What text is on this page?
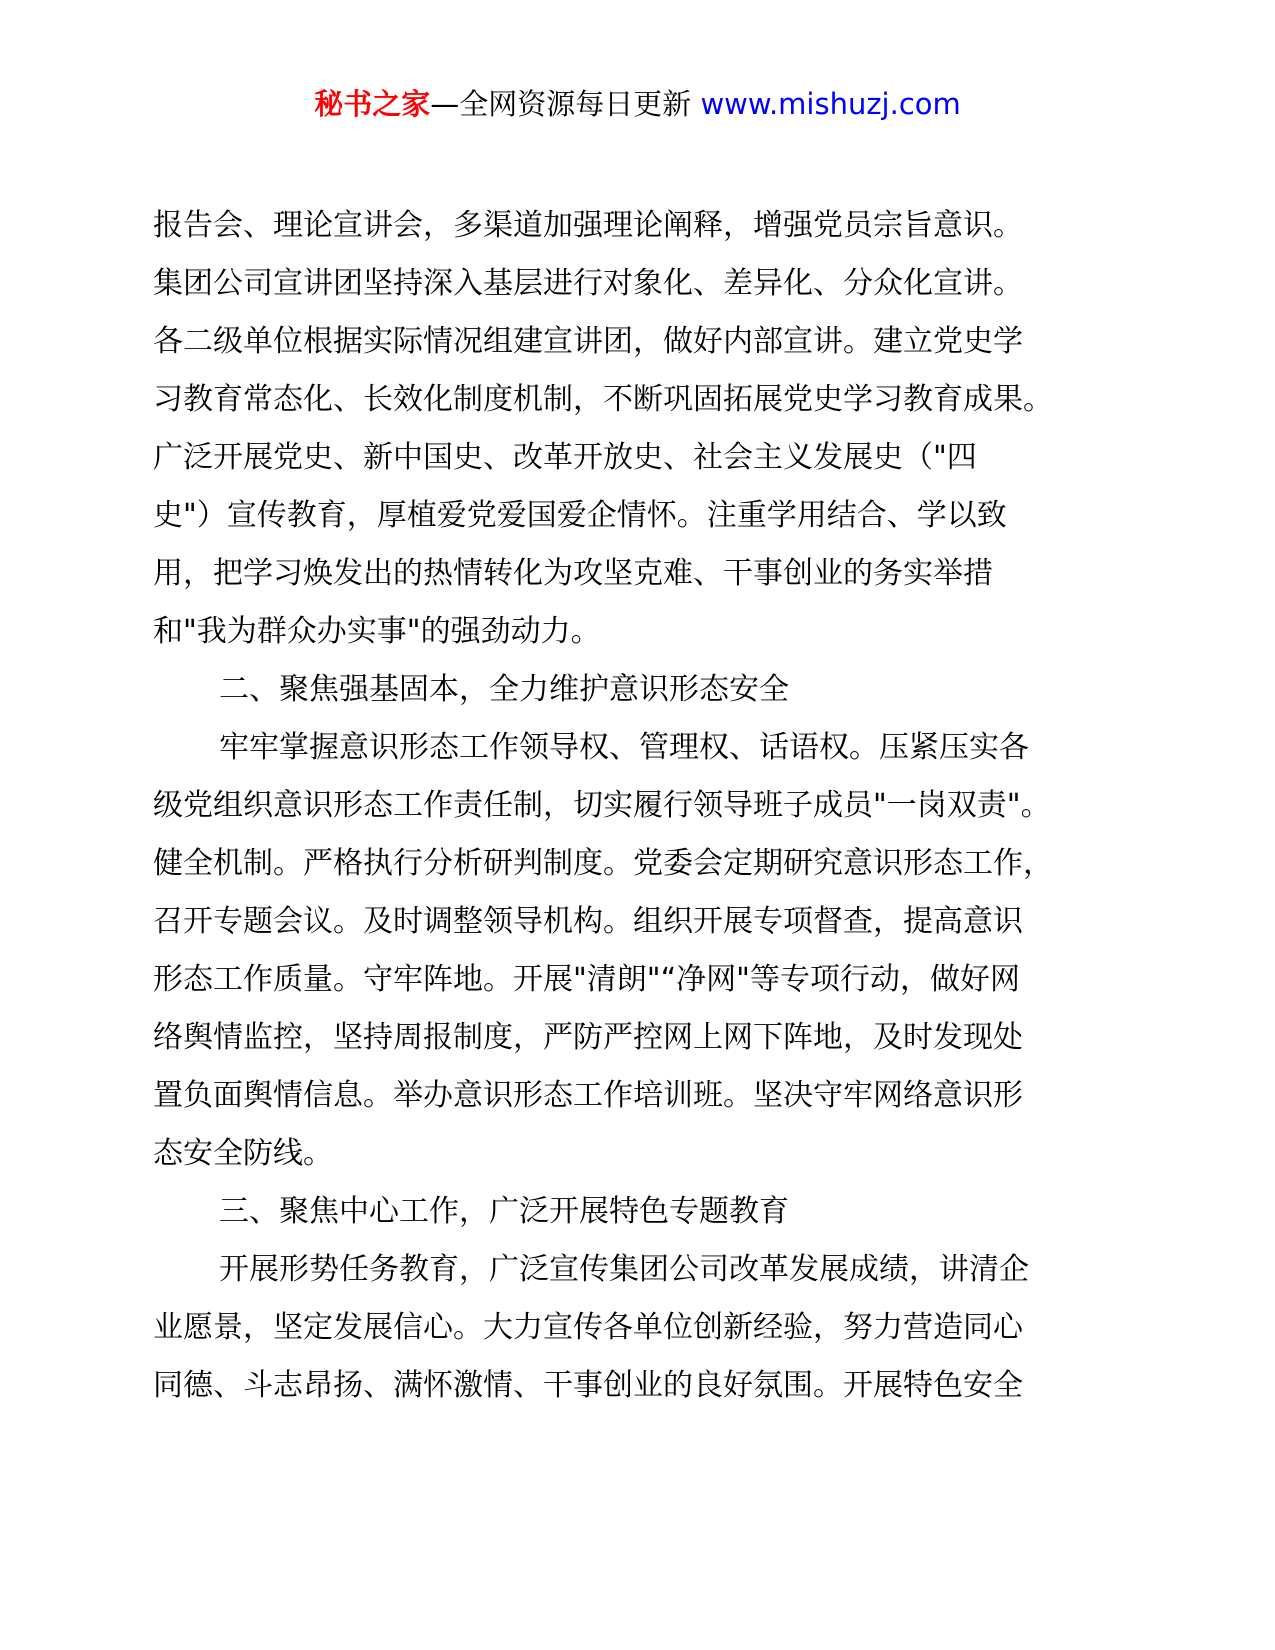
秘书之家—全网资源每日更新 www.mishuzj.com
报告会、理论宣讲会，多渠道加强理论阐释，增强党员宗旨意识。
集团公司宣讲团坚持深入基层进行对象化、差异化、分众化宣讲。
各二级单位根据实际情况组建宣讲团，做好内部宣讲。建立党史学
习教育常态化、长效化制度机制，不断巩固拓展党史学习教育成果。
广泛开展党史、新中国史、改革开放史、社会主义发展史（"四
史"）宣传教育，厚植爱党爱国爱企情怀。注重学用结合、学以致
用，把学习焕发出的热情转化为攻坚克难、干事创业的务实举措
和"我为群众办实事"的强劲动力。
二、聚焦强基固本，全力维护意识形态安全
牢牢掌握意识形态工作领导权、管理权、话语权。压紧压实各
级党组织意识形态工作责任制，切实履行领导班子成员"一岗双责"。
健全机制。严格执行分析研判制度。党委会定期研究意识形态工作，
召开专题会议。及时调整领导机构。组织开展专项督查，提高意识
形态工作质量。守牢阵地。开展"清朗"“净网"等专项行动，做好网
络舆情监控，坚持周报制度，严防严控网上网下阵地，及时发现处
置负面舆情信息。举办意识形态工作培训班。坚决守牢网络意识形
态安全防线。
三、聚焦中心工作，广泛开展特色专题教育
开展形势任务教育，广泛宣传集团公司改革发展成绩，讲清企
业愿景，坚定发展信心。大力宣传各单位创新经验，努力营造同心
同德、斗志昂扬、满怀激情、干事创业的良好氛围。开展特色安全
